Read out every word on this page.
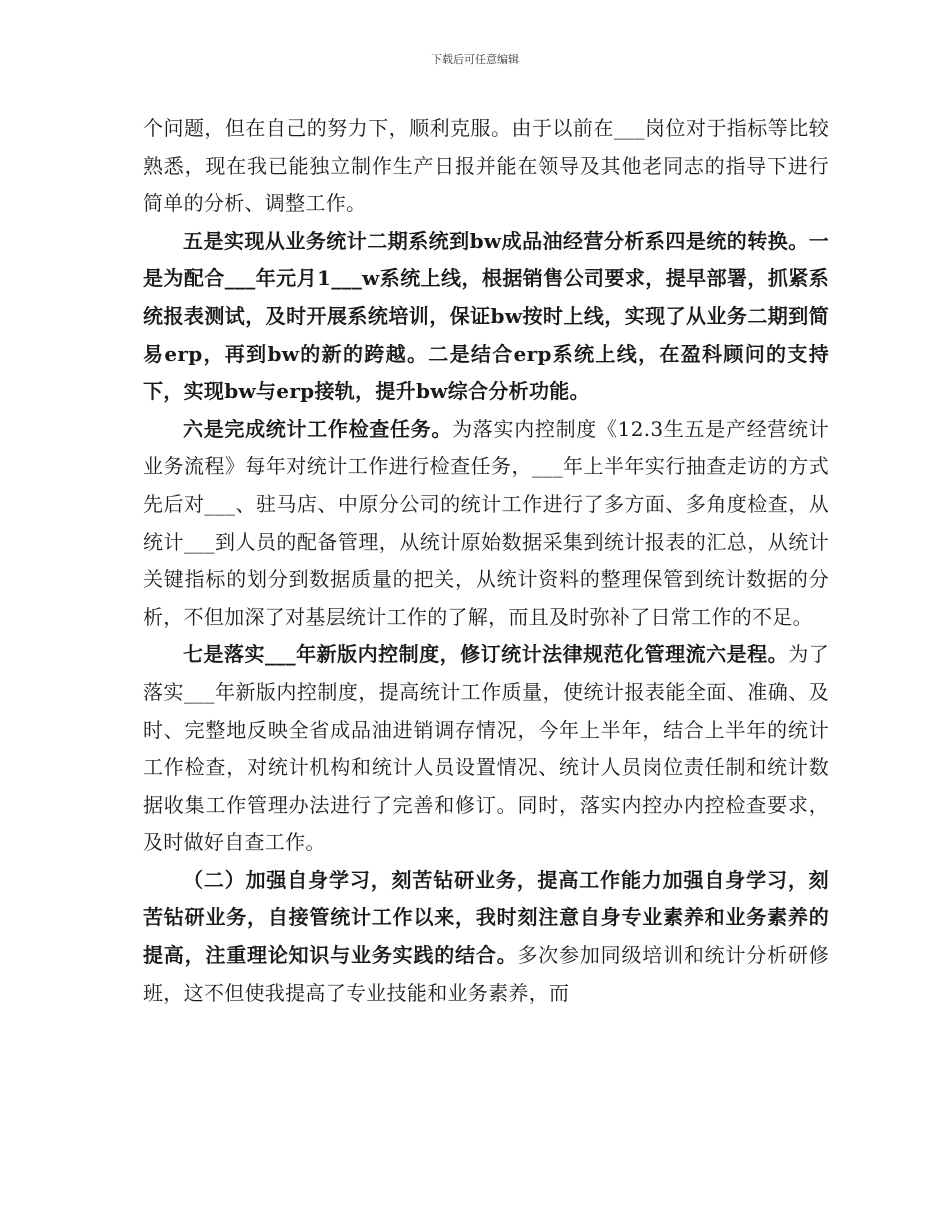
下载后可任意编辑

个问题，但在自己的努力下，顺利克服。由于以前在___岗位对于指标等比较熟悉，现在我已能独立制作生产日报并能在领导及其他老同志的指导下进行简单的分析、调整工作。

五是实现从业务统计二期系统到bw成品油经营分析系四是统的转换。一是为配合___年元月1___w系统上线，根据销售公司要求，提早部署，抓紧系统报表测试，及时开展系统培训，保证bw按时上线，实现了从业务二期到简易erp，再到bw的新的跨越。二是结合erp系统上线，在盈科顾问的支持下，实现bw与erp接轨，提升bw综合分析功能。

六是完成统计工作检查任务。为落实内控制度《12.3生五是产经营统计业务流程》每年对统计工作进行检查任务，___年上半年实行抽查走访的方式先后对___、驻马店、中原分公司的统计工作进行了多方面、多角度检查，从统计___到人员的配备管理，从统计原始数据采集到统计报表的汇总，从统计关键指标的划分到数据质量的把关，从统计资料的整理保管到统计数据的分析，不但加深了对基层统计工作的了解，而且及时弥补了日常工作的不足。

七是落实___年新版内控制度，修订统计法律规范化管理流六是程。为了落实___年新版内控制度，提高统计工作质量，使统计报表能全面、准确、及时、完整地反映全省成品油进销调存情况，今年上半年，结合上半年的统计工作检查，对统计机构和统计人员设置情况、统计人员岗位责任制和统计数据收集工作管理办法进行了完善和修订。同时，落实内控办内控检查要求，及时做好自查工作。

（二）加强自身学习，刻苦钻研业务，提高工作能力加强自身学习，刻苦钻研业务，自接管统计工作以来，我时刻注意自身专业素养和业务素养的提高，注重理论知识与业务实践的结合。多次参加同级培训和统计分析研修班，这不但使我提高了专业技能和业务素养，而
